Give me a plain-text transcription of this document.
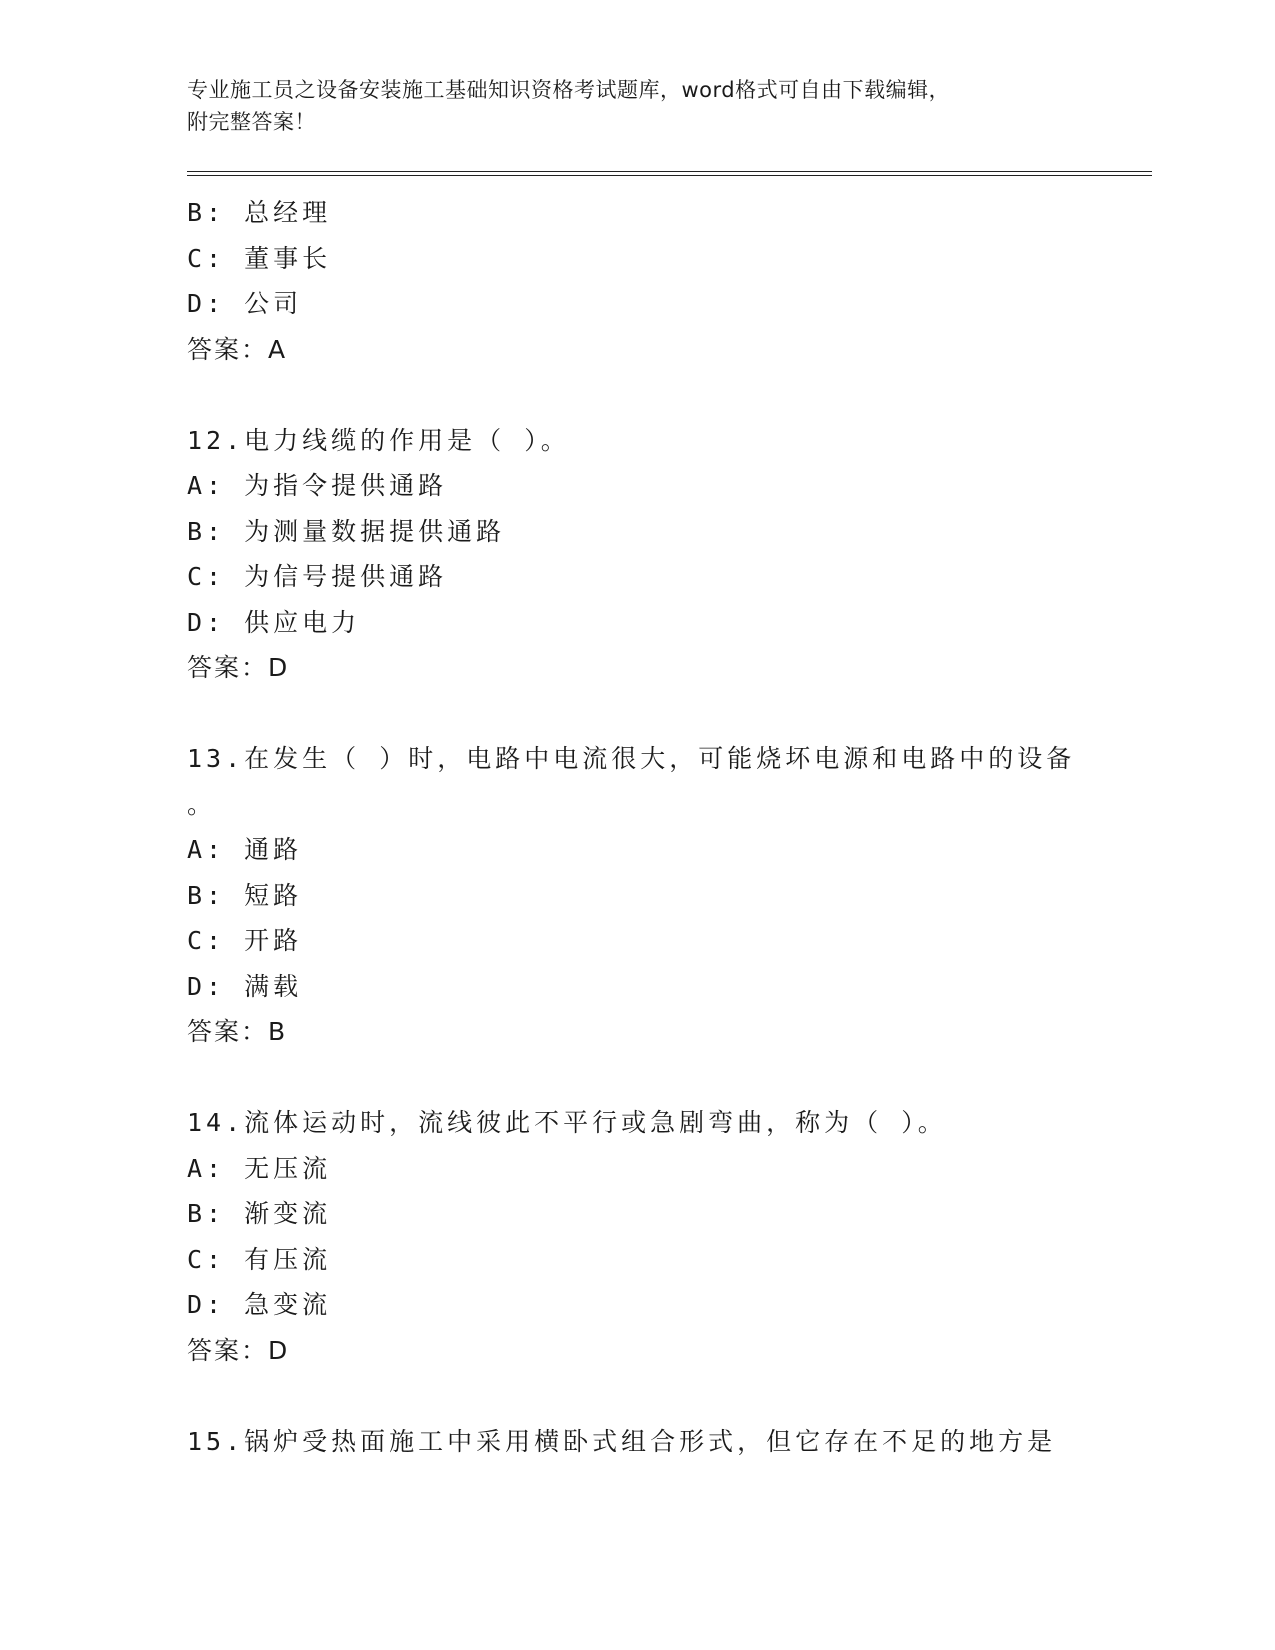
专业施工员之设备安装施工基础知识资格考试题库，word格式可自由下载编辑，
附完整答案！
B: 总经理
C: 董事长
D: 公司
答案：A
12.电力线缆的作用是（ ）。
A: 为指令提供通路
B: 为测量数据提供通路
C: 为信号提供通路
D: 供应电力
答案：D
13.在发生（ ）时，电路中电流很大，可能烧坏电源和电路中的设备
。
A: 通路
B: 短路
C: 开路
D: 满载
答案：B
14.流体运动时，流线彼此不平行或急剧弯曲，称为（ ）。
A: 无压流
B: 渐变流
C: 有压流
D: 急变流
答案：D
15.锅炉受热面施工中采用横卧式组合形式，但它存在不足的地方是
